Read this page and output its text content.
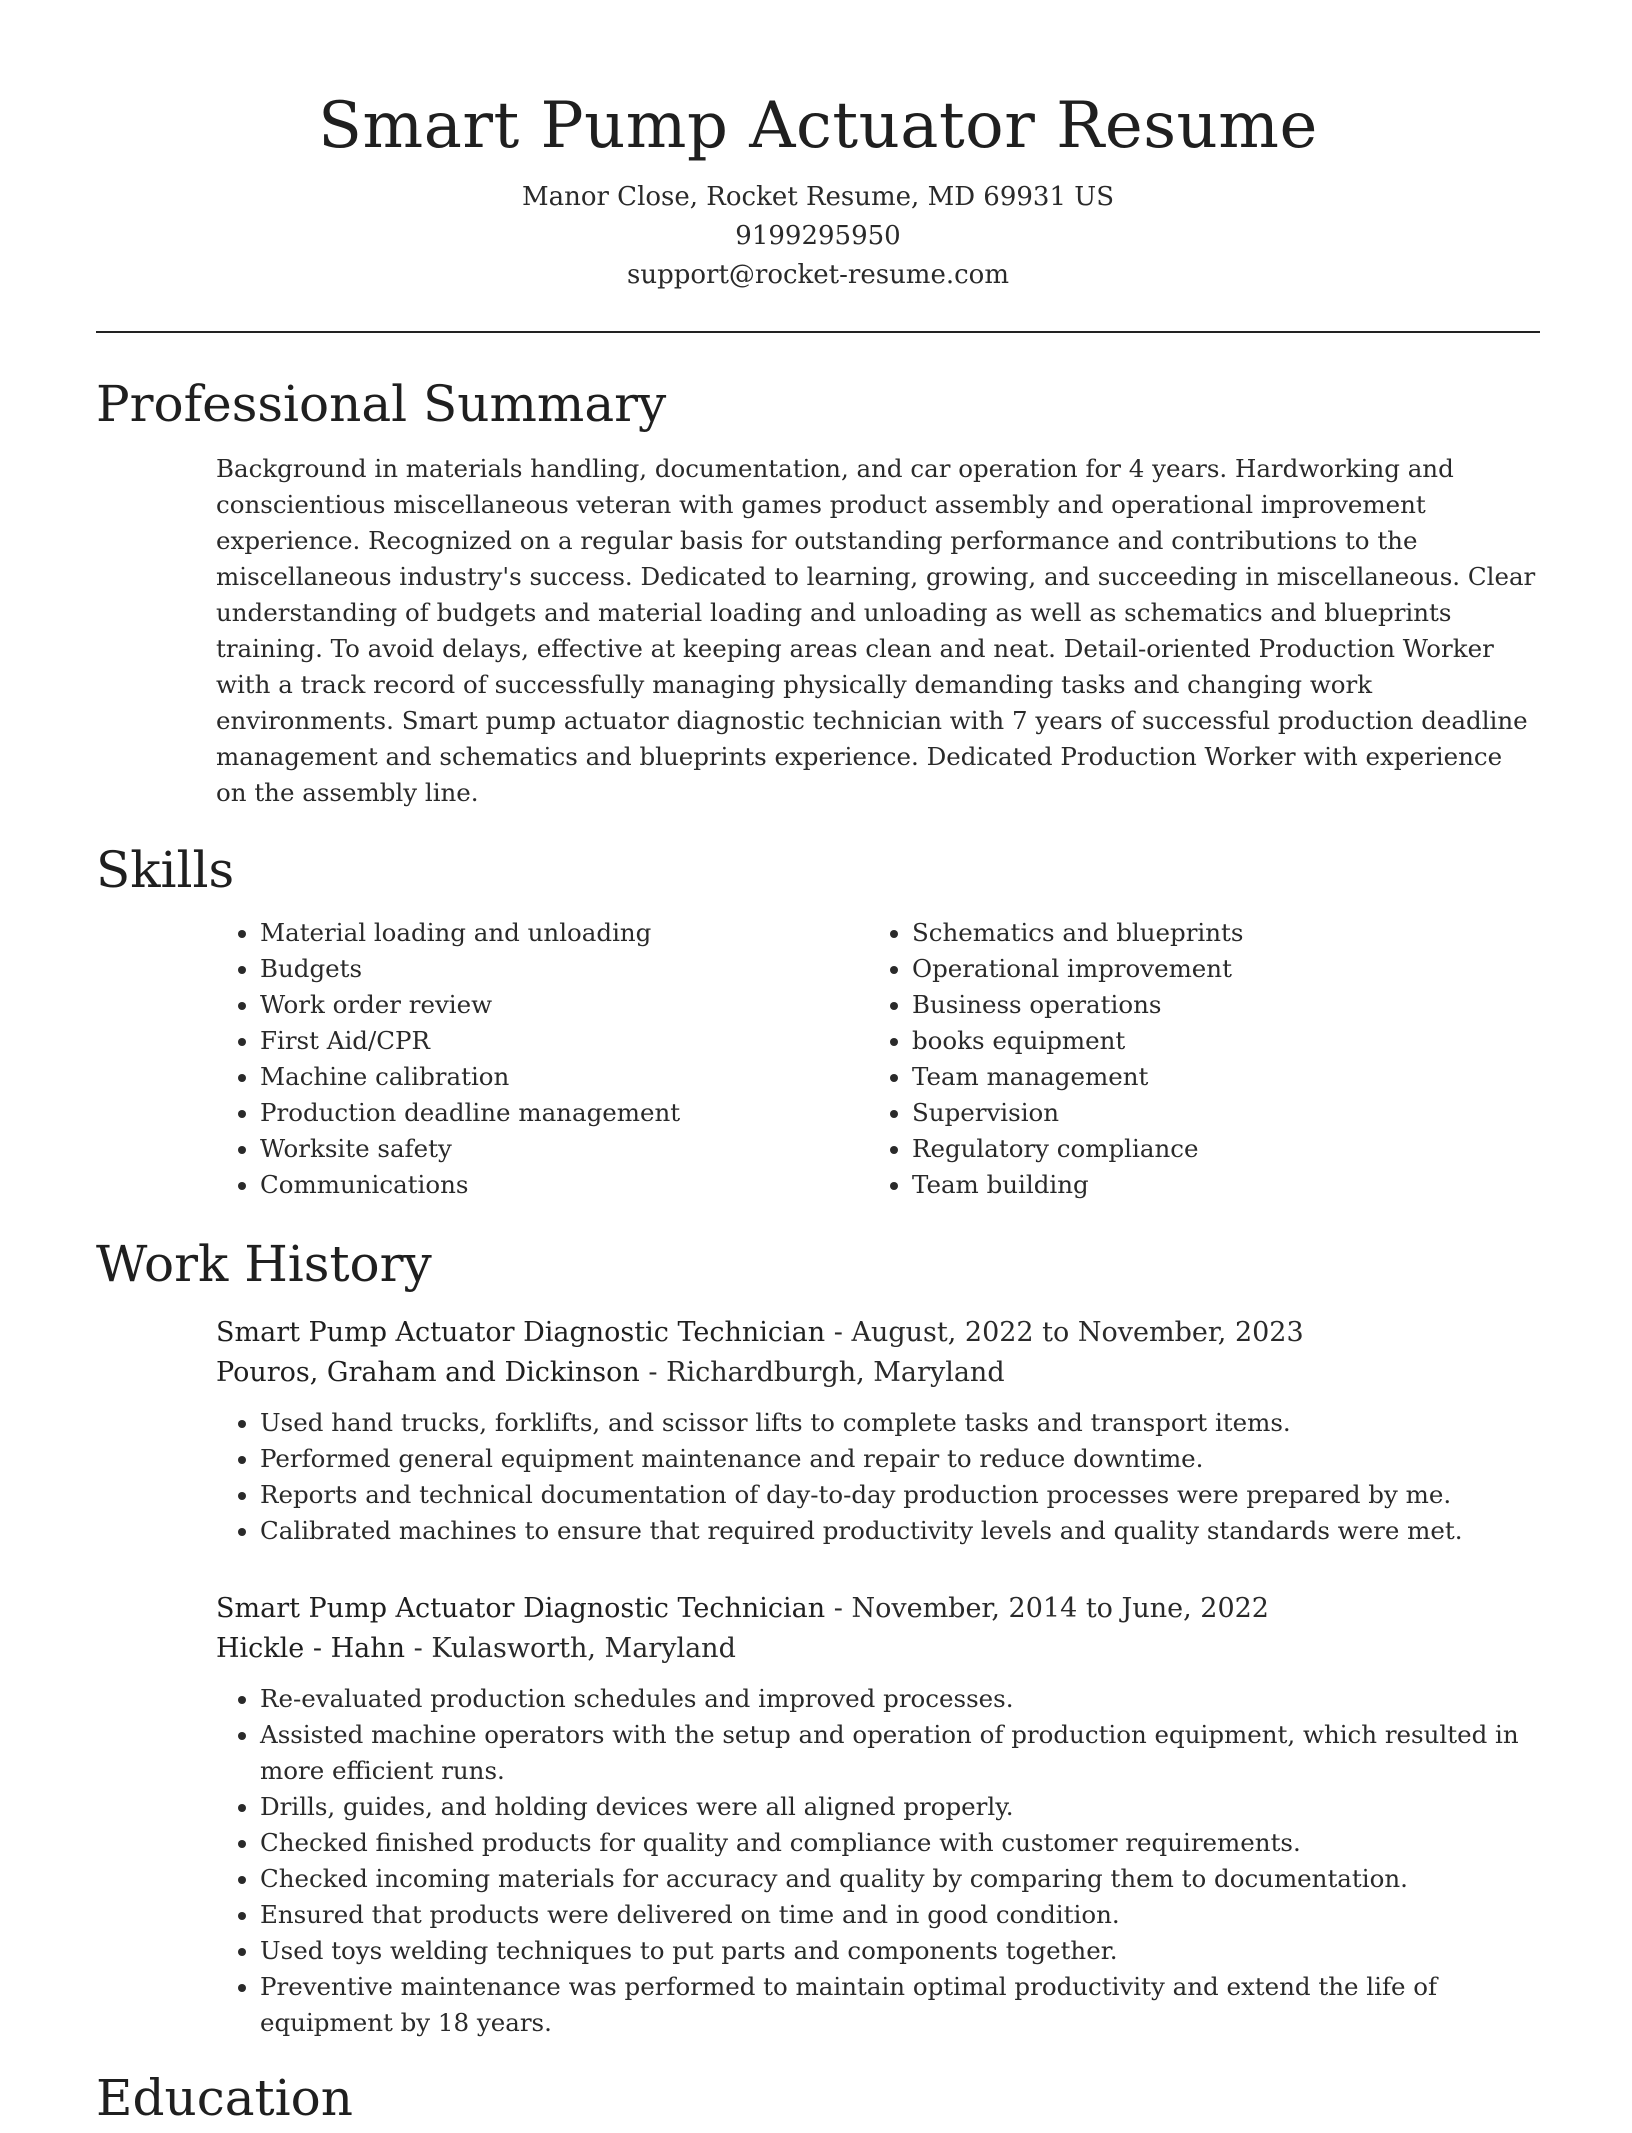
Smart Pump Actuator Resume
Manor Close, Rocket Resume, MD 69931 US
9199295950
support@rocket-resume.com
Professional Summary
Background in materials handling, documentation, and car operation for 4 years. Hardworking and conscientious miscellaneous veteran with games product assembly and operational improvement experience. Recognized on a regular basis for outstanding performance and contributions to the miscellaneous industry's success. Dedicated to learning, growing, and succeeding in miscellaneous. Clear understanding of budgets and material loading and unloading as well as schematics and blueprints training. To avoid delays, effective at keeping areas clean and neat. Detail-oriented Production Worker with a track record of successfully managing physically demanding tasks and changing work environments. Smart pump actuator diagnostic technician with 7 years of successful production deadline management and schematics and blueprints experience. Dedicated Production Worker with experience on the assembly line.
Skills
• Material loading and unloading
• Budgets
• Work order review
• First Aid/CPR
• Machine calibration
• Production deadline management
• Worksite safety
• Communications
• Schematics and blueprints
• Operational improvement
• Business operations
• books equipment
• Team management
• Supervision
• Regulatory compliance
• Team building
Work History
Smart Pump Actuator Diagnostic Technician - August, 2022 to November, 2023
Pouros, Graham and Dickinson - Richardburgh, Maryland
• Used hand trucks, forklifts, and scissor lifts to complete tasks and transport items.
• Performed general equipment maintenance and repair to reduce downtime.
• Reports and technical documentation of day-to-day production processes were prepared by me.
• Calibrated machines to ensure that required productivity levels and quality standards were met.
Smart Pump Actuator Diagnostic Technician - November, 2014 to June, 2022
Hickle - Hahn - Kulasworth, Maryland
• Re-evaluated production schedules and improved processes.
• Assisted machine operators with the setup and operation of production equipment, which resulted in more efficient runs.
• Drills, guides, and holding devices were all aligned properly.
• Checked finished products for quality and compliance with customer requirements.
• Checked incoming materials for accuracy and quality by comparing them to documentation.
• Ensured that products were delivered on time and in good condition.
• Used toys welding techniques to put parts and components together.
• Preventive maintenance was performed to maintain optimal productivity and extend the life of equipment by 18 years.
Education
